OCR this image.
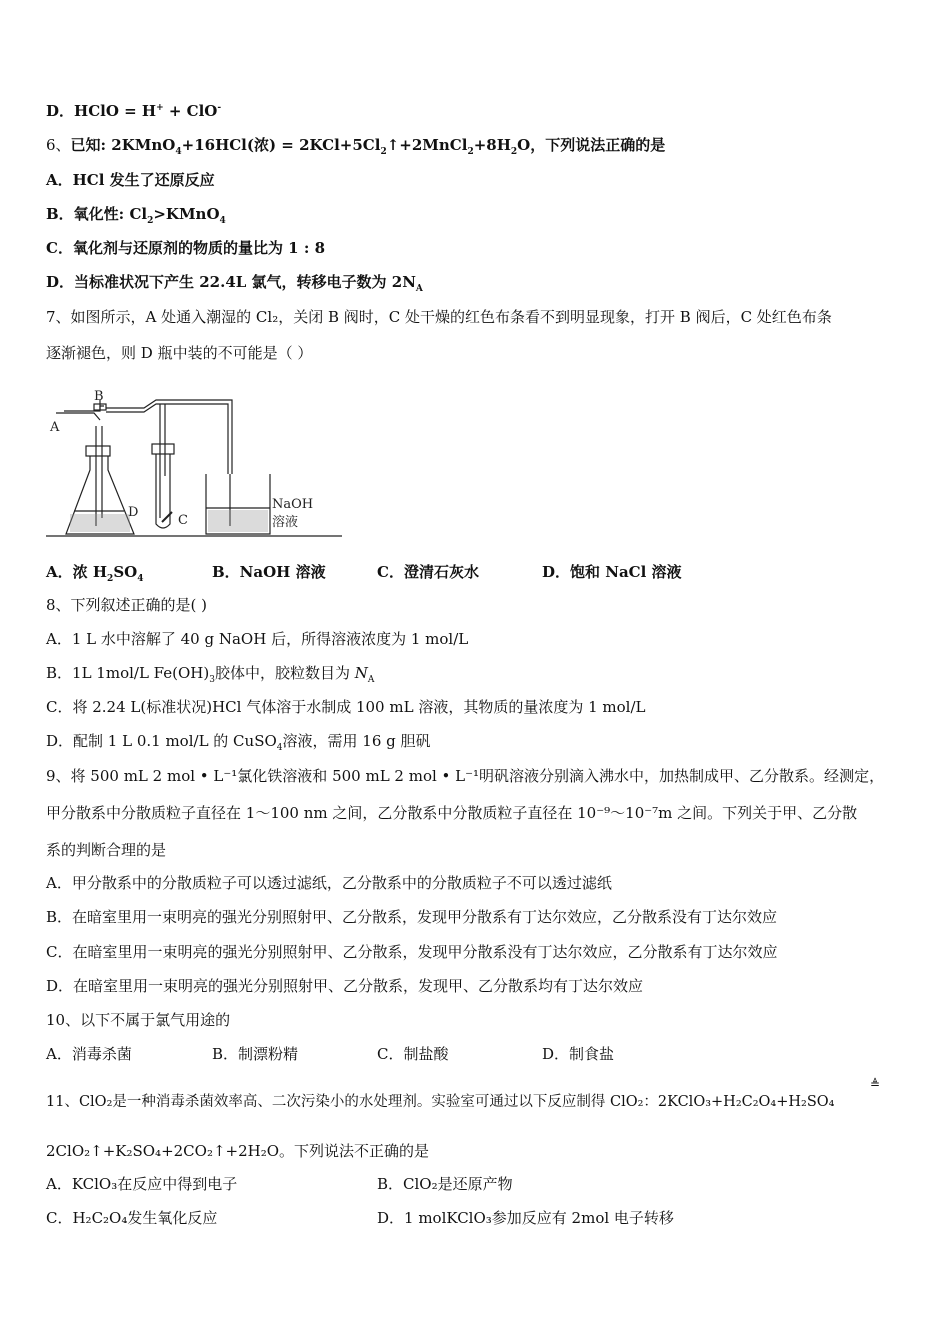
D．HClO = H+ + ClO-
6、已知: 2KMnO$_4$+16HCl(浓) = $2KCl+5Cl_2↑+2MnCl_2+8H_2O$，下列说法正确的是
A．HCl 发生了还原反应
B．氧化性: $Cl_2>KMnO_4$
C．氧化剂与还原剂的物质的量比为 1 : 8
D．当标准状况下产生 22.4L 氯气，转移电子数为 $2N_A$
7、如图所示，A 处通入潮湿的 Cl₂，关闭 B 阀时，C 处干燥的红色布条看不到明显现象，打开 B 阀后，C 处红色布条
逐渐褪色，则 D 瓶中装的不可能是（ ）
A
B
C
D
NaOH
溶液
A．浓 $H_2SO_4$	B．NaOH 溶液	C．澄清石灰水	D．饱和 NaCl 溶液
8、下列叙述正确的是( )
A．1 L 水中溶解了 40 g NaOH 后，所得溶液浓度为 1 mol/L
B．1L 1mol/L $Fe(OH)_3$胶体中，胶粒数目为 $N_A$
C．将 2.24 L(标准状况)HCl 气体溶于水制成 100 mL 溶液，其物质的量浓度为 1 mol/L
D．配制 1 L 0.1 mol/L 的 CuSO$_4$溶液，需用 16 g 胆矾
9、将 500 mL 2 mol • L⁻¹氯化铁溶液和 500 mL 2 mol • L⁻¹明矾溶液分别滴入沸水中，加热制成甲、乙分散系。经测定，
甲分散系中分散质粒子直径在 1～100 nm 之间，乙分散系中分散质粒子直径在 10⁻⁹～10⁻⁷m 之间。下列关于甲、乙分散
系的判断合理的是
A．甲分散系中的分散质粒子可以透过滤纸，乙分散系中的分散质粒子不可以透过滤纸
B．在暗室里用一束明亮的强光分别照射甲、乙分散系，发现甲分散系有丁达尔效应，乙分散系没有丁达尔效应
C．在暗室里用一束明亮的强光分别照射甲、乙分散系，发现甲分散系没有丁达尔效应，乙分散系有丁达尔效应
D．在暗室里用一束明亮的强光分别照射甲、乙分散系，发现甲、乙分散系均有丁达尔效应
10、以下不属于氯气用途的
A．消毒杀菌	B．制漂粉精	C．制盐酸	D．制食盐
11、ClO₂是一种消毒杀菌效率高、二次污染小的水处理剂。实验室可通过以下反应制得 ClO₂：2KClO₃+H₂C₂O₄+H₂SO₄
≜
2ClO₂↑+K₂SO₄+2CO₂↑+2H₂O。下列说法不正确的是
A．KClO₃在反应中得到电子	B．ClO₂是还原产物
C．H₂C₂O₄发生氧化反应	D．1 molKClO₃参加反应有 2mol 电子转移
